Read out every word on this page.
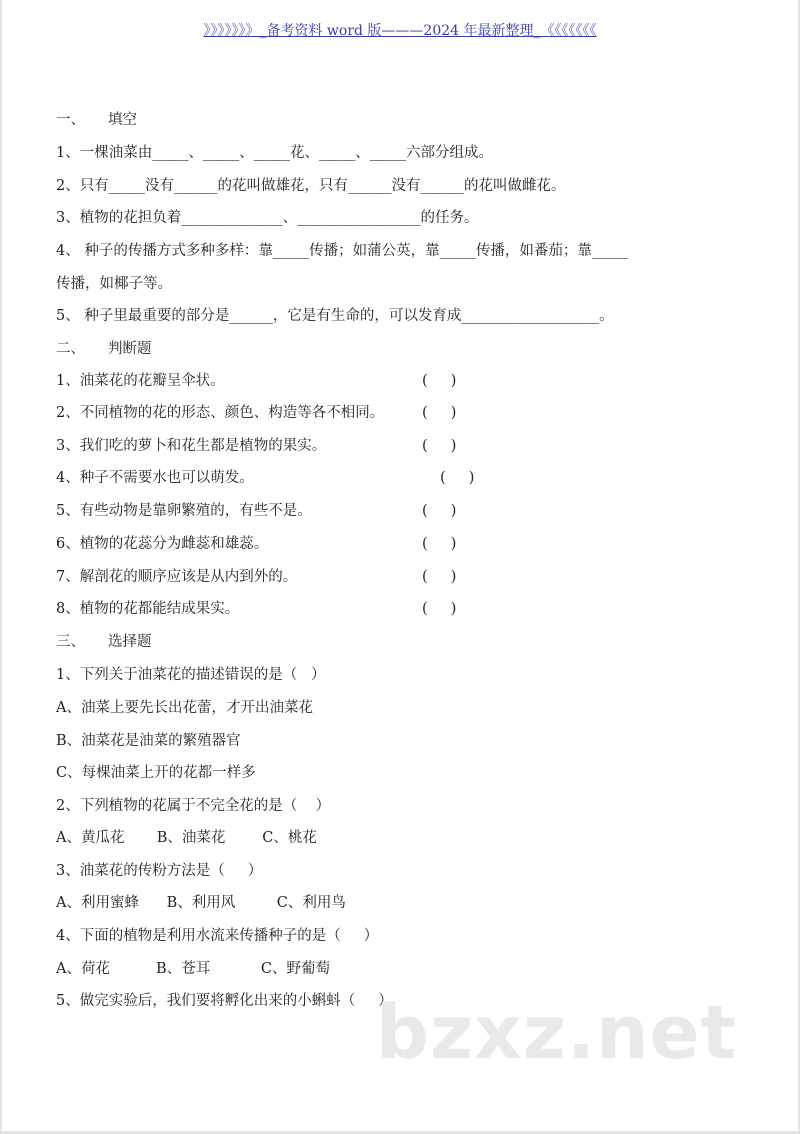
》》》》》》》_备考资料 word 版———2024 年最新整理_《《《《《《《
一、     填空
1、一棵油菜由_____、_____、_____花、_____、_____六部分组成。
2、只有_____没有______的花叫做雄花，只有______没有______的花叫做雌花。
3、植物的花担负着______________、_________________的任务。
4、 种子的传播方式多种多样：靠_____传播；如蒲公英，靠_____传播，如番茄；靠_____
传播，如椰子等。
5、 种子里最重要的部分是______，它是有生命的，可以发育成___________________。
二、     判断题
1、油菜花的花瓣呈伞状。	(     )
2、不同植物的花的形态、颜色、构造等各不相同。	(     )
3、我们吃的萝卜和花生都是植物的果实。	(     )
4、种子不需要水也可以萌发。	(     )
5、有些动物是靠卵繁殖的，有些不是。	(     )
6、植物的花蕊分为雌蕊和雄蕊。	(     )
7、解剖花的顺序应该是从内到外的。	(     )
8、植物的花都能结成果实。	(     )
三、     选择题
1、下列关于油菜花的描述错误的是（   ）
A、油菜上要先长出花蕾，才开出油菜花
B、油菜花是油菜的繁殖器官
C、每棵油菜上开的花都一样多
2、下列植物的花属于不完全花的是（    ）
A、黄瓜花       B、油菜花        C、桃花
3、油菜花的传粉方法是（     ）
A、利用蜜蜂      B、利用风         C、利用鸟
4、下面的植物是利用水流来传播种子的是（     ）
A、荷花          B、苍耳           C、野葡萄
5、做完实验后，我们要将孵化出来的小蝌蚪（     ）
bzxz.net
